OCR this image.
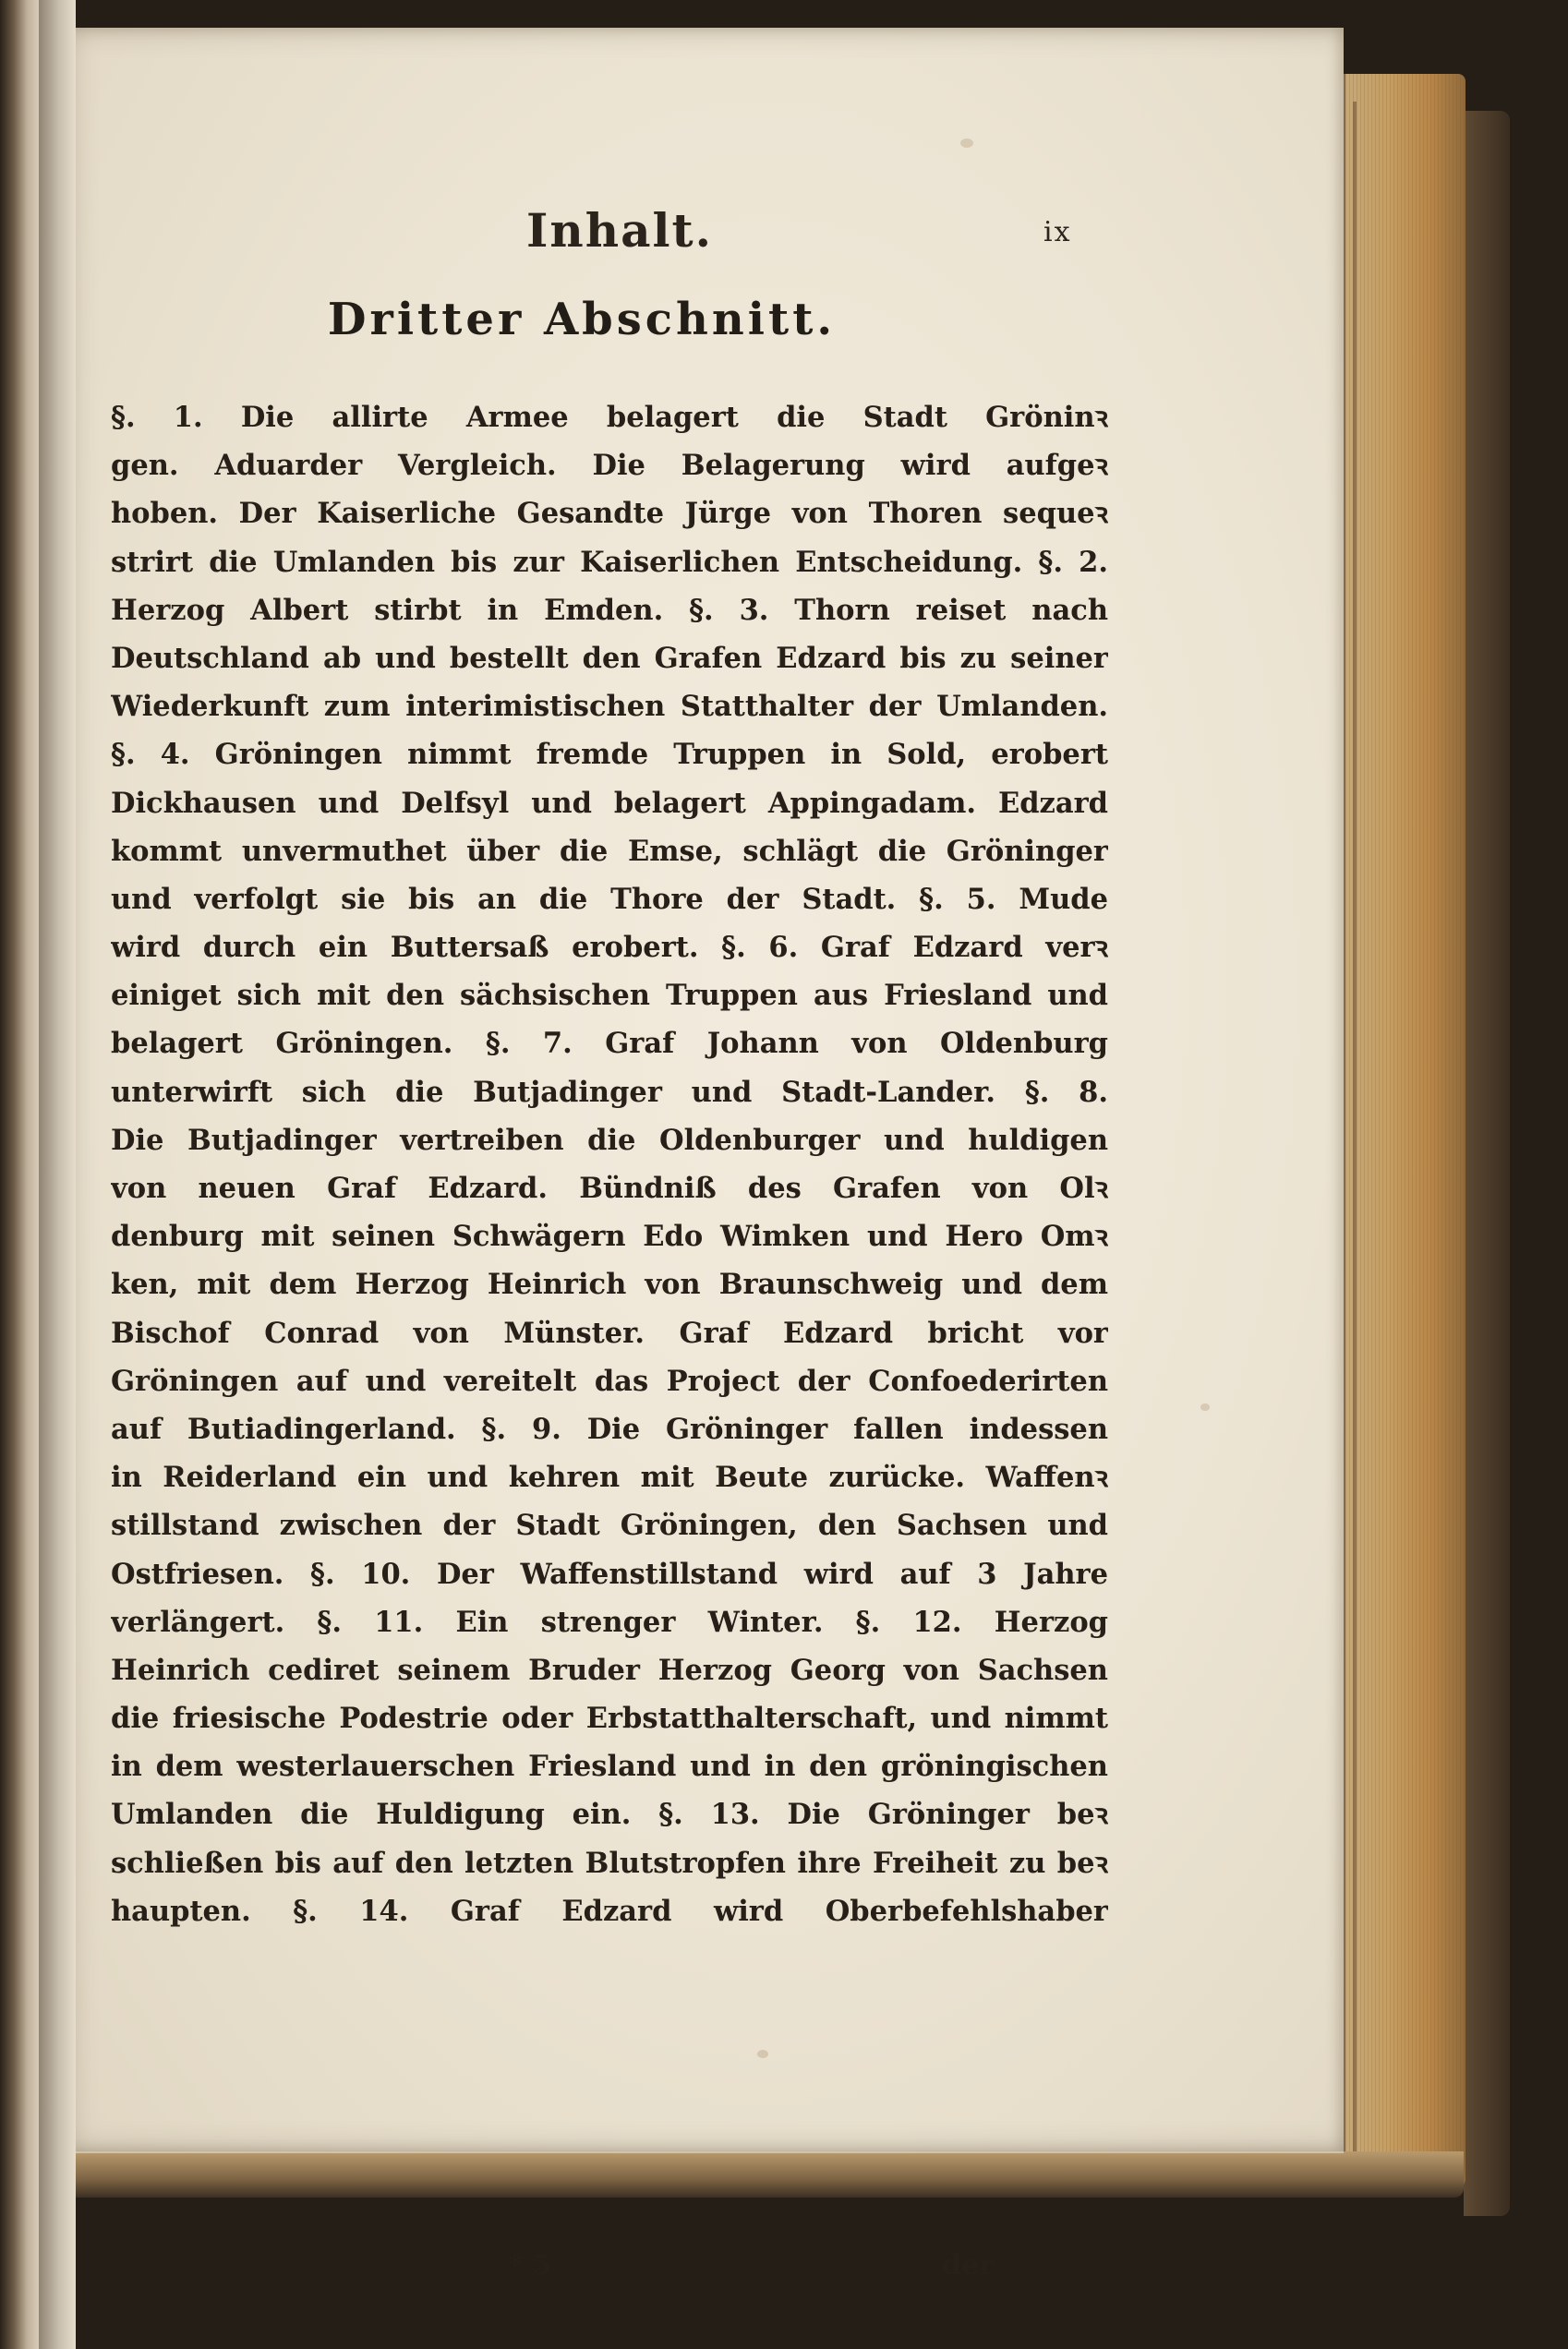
Inhalt.	ix
Dritter Abschnitt.
§. 1. Die allirte Armee belagert die Stadt Gröninꝛ
gen. Aduarder Vergleich. Die Belagerung wird aufgeꝛ
hoben. Der Kaiserliche Gesandte Jürge von Thoren sequeꝛ
strirt die Umlanden bis zur Kaiserlichen Entscheidung. §. 2.
Herzog Albert stirbt in Emden. §. 3. Thorn reiset nach
Deutschland ab und bestellt den Grafen Edzard bis zu seiner
Wiederkunft zum interimistischen Statthalter der Umlanden.
§. 4. Gröningen nimmt fremde Truppen in Sold, erobert
Dickhausen und Delfsyl und belagert Appingadam. Edzard
kommt unvermuthet über die Emse, schlägt die Gröninger
und verfolgt sie bis an die Thore der Stadt. §. 5. Mude
wird durch ein Buttersaß erobert. §. 6. Graf Edzard verꝛ
einiget sich mit den sächsischen Truppen aus Friesland und
belagert Gröningen. §. 7. Graf Johann von Oldenburg
unterwirft sich die Butjadinger und Stadt-Lander. §. 8.
Die Butjadinger vertreiben die Oldenburger und huldigen
von neuen Graf Edzard. Bündniß des Grafen von Olꝛ
denburg mit seinen Schwägern Edo Wimken und Hero Omꝛ
ken, mit dem Herzog Heinrich von Braunschweig und dem
Bischof Conrad von Münster. Graf Edzard bricht vor
Gröningen auf und vereitelt das Project der Confoederirten
auf Butiadingerland. §. 9. Die Gröninger fallen indessen
in Reiderland ein und kehren mit Beute zurücke. Waffenꝛ
stillstand zwischen der Stadt Gröningen, den Sachsen und
Ostfriesen. §. 10. Der Waffenstillstand wird auf 3 Jahre
verlängert. §. 11. Ein strenger Winter. §. 12. Herzog
Heinrich cediret seinem Bruder Herzog Georg von Sachsen
die friesische Podestrie oder Erbstatthalterschaft, und nimmt
in dem westerlauerschen Friesland und in den gröningischen
Umlanden die Huldigung ein. §. 13. Die Gröninger beꝛ
schließen bis auf den letzten Blutstropfen ihre Freiheit zu beꝛ
haupten. §. 14. Graf Edzard wird Oberbefehlshaber
* 5	der
